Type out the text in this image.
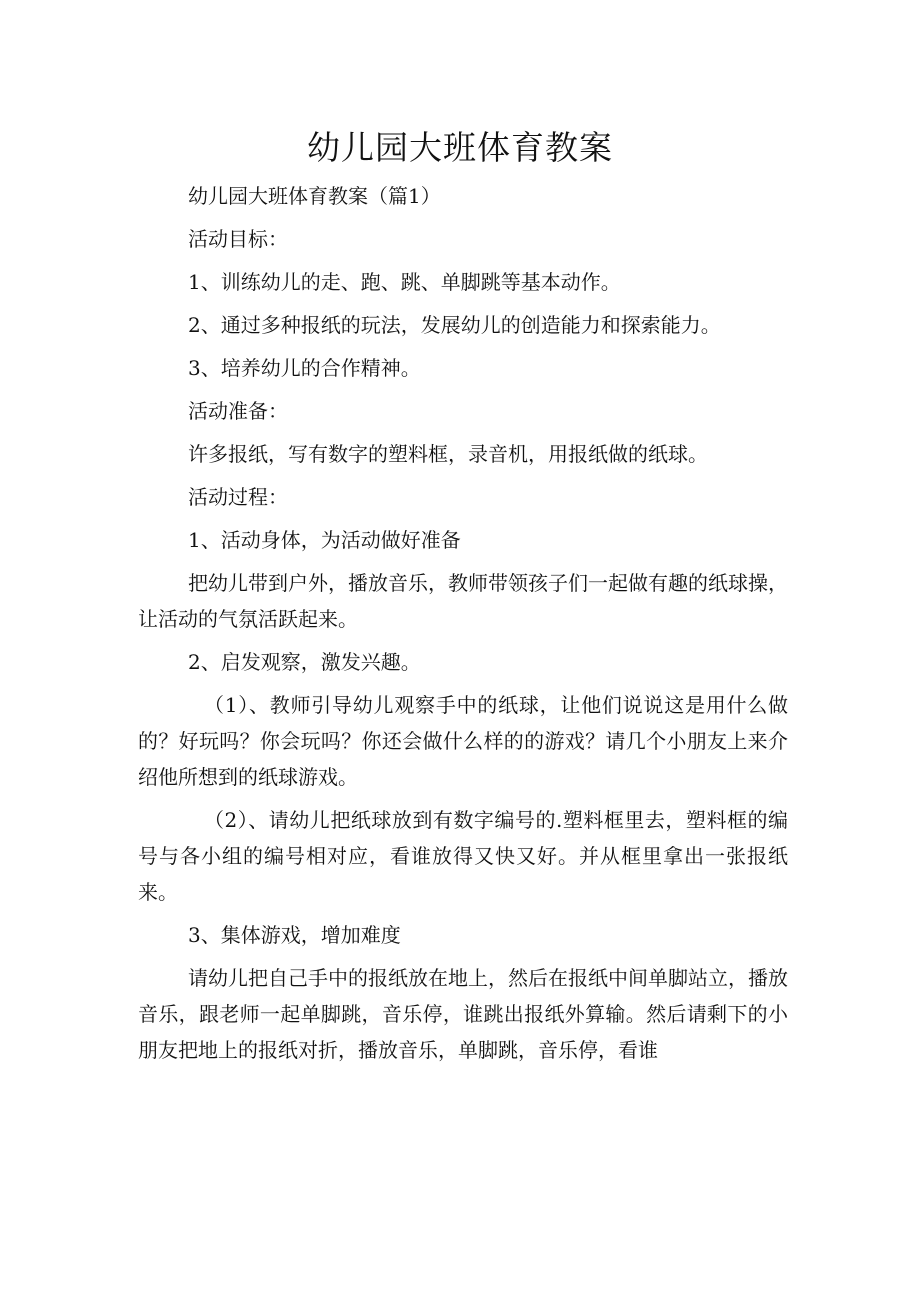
幼儿园大班体育教案

幼儿园大班体育教案（篇1）

活动目标：

1、训练幼儿的走、跑、跳、单脚跳等基本动作。

2、通过多种报纸的玩法，发展幼儿的创造能力和探索能力。

3、培养幼儿的合作精神。

活动准备：

许多报纸，写有数字的塑料框，录音机，用报纸做的纸球。

活动过程：

1、活动身体，为活动做好准备

把幼儿带到户外，播放音乐，教师带领孩子们一起做有趣的纸球操，让活动的气氛活跃起来。

2、启发观察，激发兴趣。

（1）、教师引导幼儿观察手中的纸球，让他们说说这是用什么做的？好玩吗？你会玩吗？你还会做什么样的的游戏？请几个小朋友上来介绍他所想到的纸球游戏。

（2）、请幼儿把纸球放到有数字编号的.塑料框里去，塑料框的编号与各小组的编号相对应，看谁放得又快又好。并从框里拿出一张报纸来。

3、集体游戏，增加难度

请幼儿把自己手中的报纸放在地上，然后在报纸中间单脚站立，播放音乐，跟老师一起单脚跳，音乐停，谁跳出报纸外算输。然后请剩下的小朋友把地上的报纸对折，播放音乐，单脚跳，音乐停，看谁
